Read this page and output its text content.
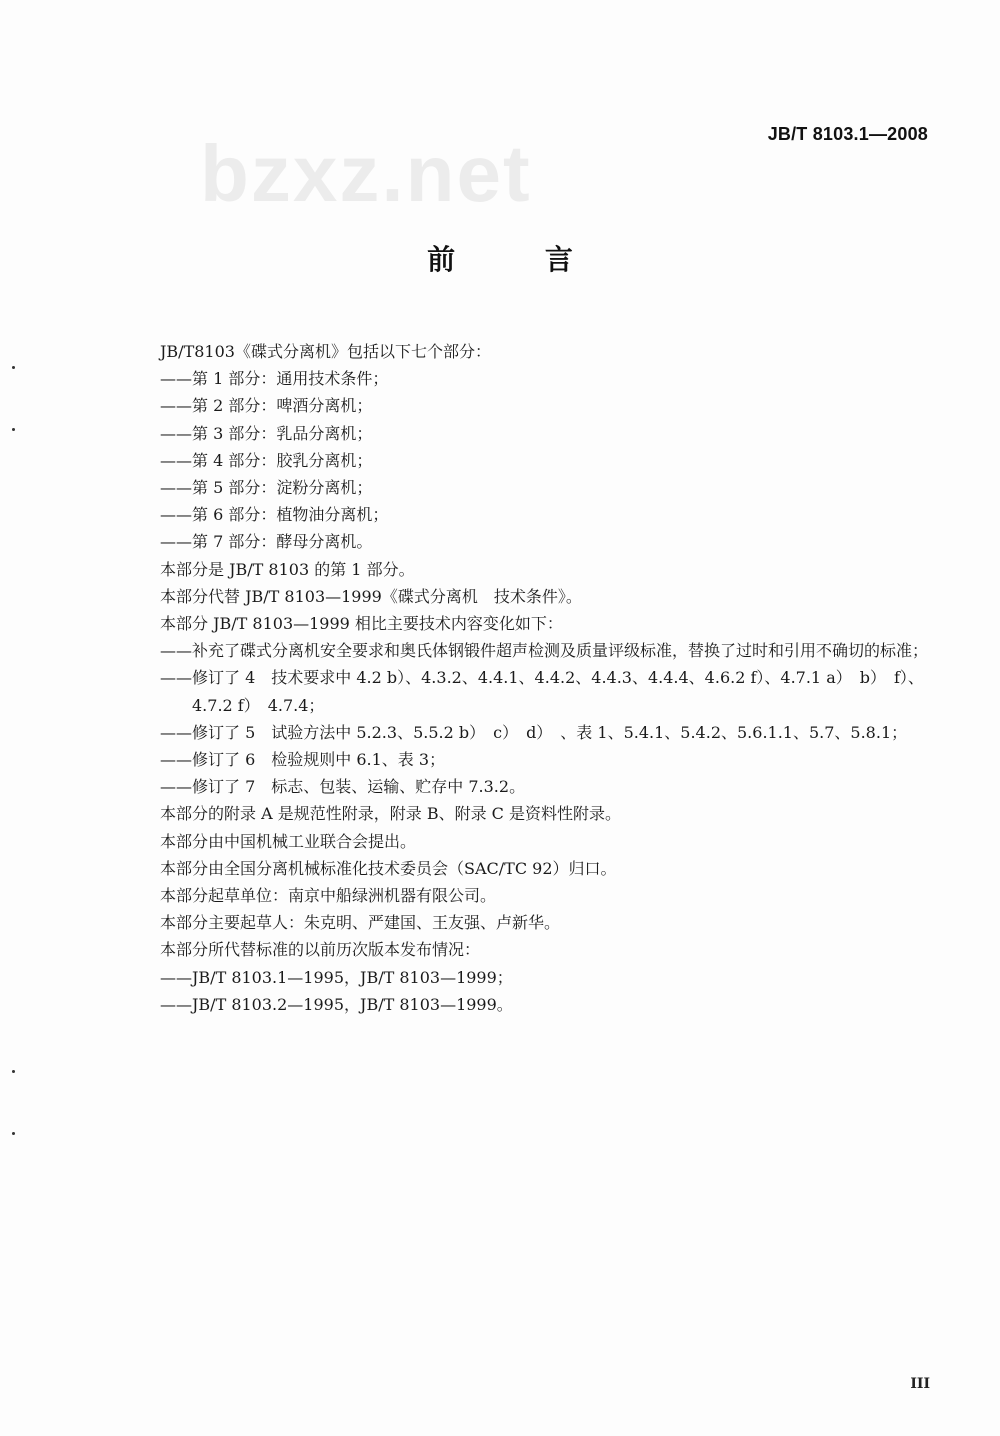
bzxz.net	JB/T 8103.1—2008
前 言
JB/T8103《碟式分离机》包括以下七个部分：
—— 第 1 部分：通用技术条件；
—— 第 2 部分：啤酒分离机；
—— 第 3 部分：乳品分离机；
—— 第 4 部分：胶乳分离机；
—— 第 5 部分：淀粉分离机；
—— 第 6 部分：植物油分离机；
—— 第 7 部分：酵母分离机。
本部分是 JB/T 8103 的第 1 部分。
本部分代替 JB/T 8103—1999《碟式分离机　技术条件》。
本部分 JB/T 8103—1999 相比主要技术内容变化如下：
—— 补充了碟式分离机安全要求和奥氏体钢锻件超声检测及质量评级标准，替换了过时和引用不确切的标准；
—— 修订了 4　技术要求中 4.2 b）、4.3.2、4.4.1、4.4.2、4.4.3、4.4.4、4.6.2 f）、4.7.1 a）　b）　f）、4.7.2 f）　4.7.4；
—— 修订了 5　试验方法中 5.2.3、5.5.2 b）　c）　d）　、表 1、5.4.1、5.4.2、5.6.1.1、5.7、5.8.1；
—— 修订了 6　检验规则中 6.1、表 3；
—— 修订了 7　标志、包装、运输、贮存中 7.3.2。
本部分的附录 A 是规范性附录，附录 B、附录 C 是资料性附录。
本部分由中国机械工业联合会提出。
本部分由全国分离机械标准化技术委员会（SAC/TC 92）归口。
本部分起草单位：南京中船绿洲机器有限公司。
本部分主要起草人：朱克明、严建国、王友强、卢新华。
本部分所代替标准的以前历次版本发布情况：
—— JB/T 8103.1—1995，JB/T 8103—1999；
—— JB/T 8103.2—1995，JB/T 8103—1999。
III
